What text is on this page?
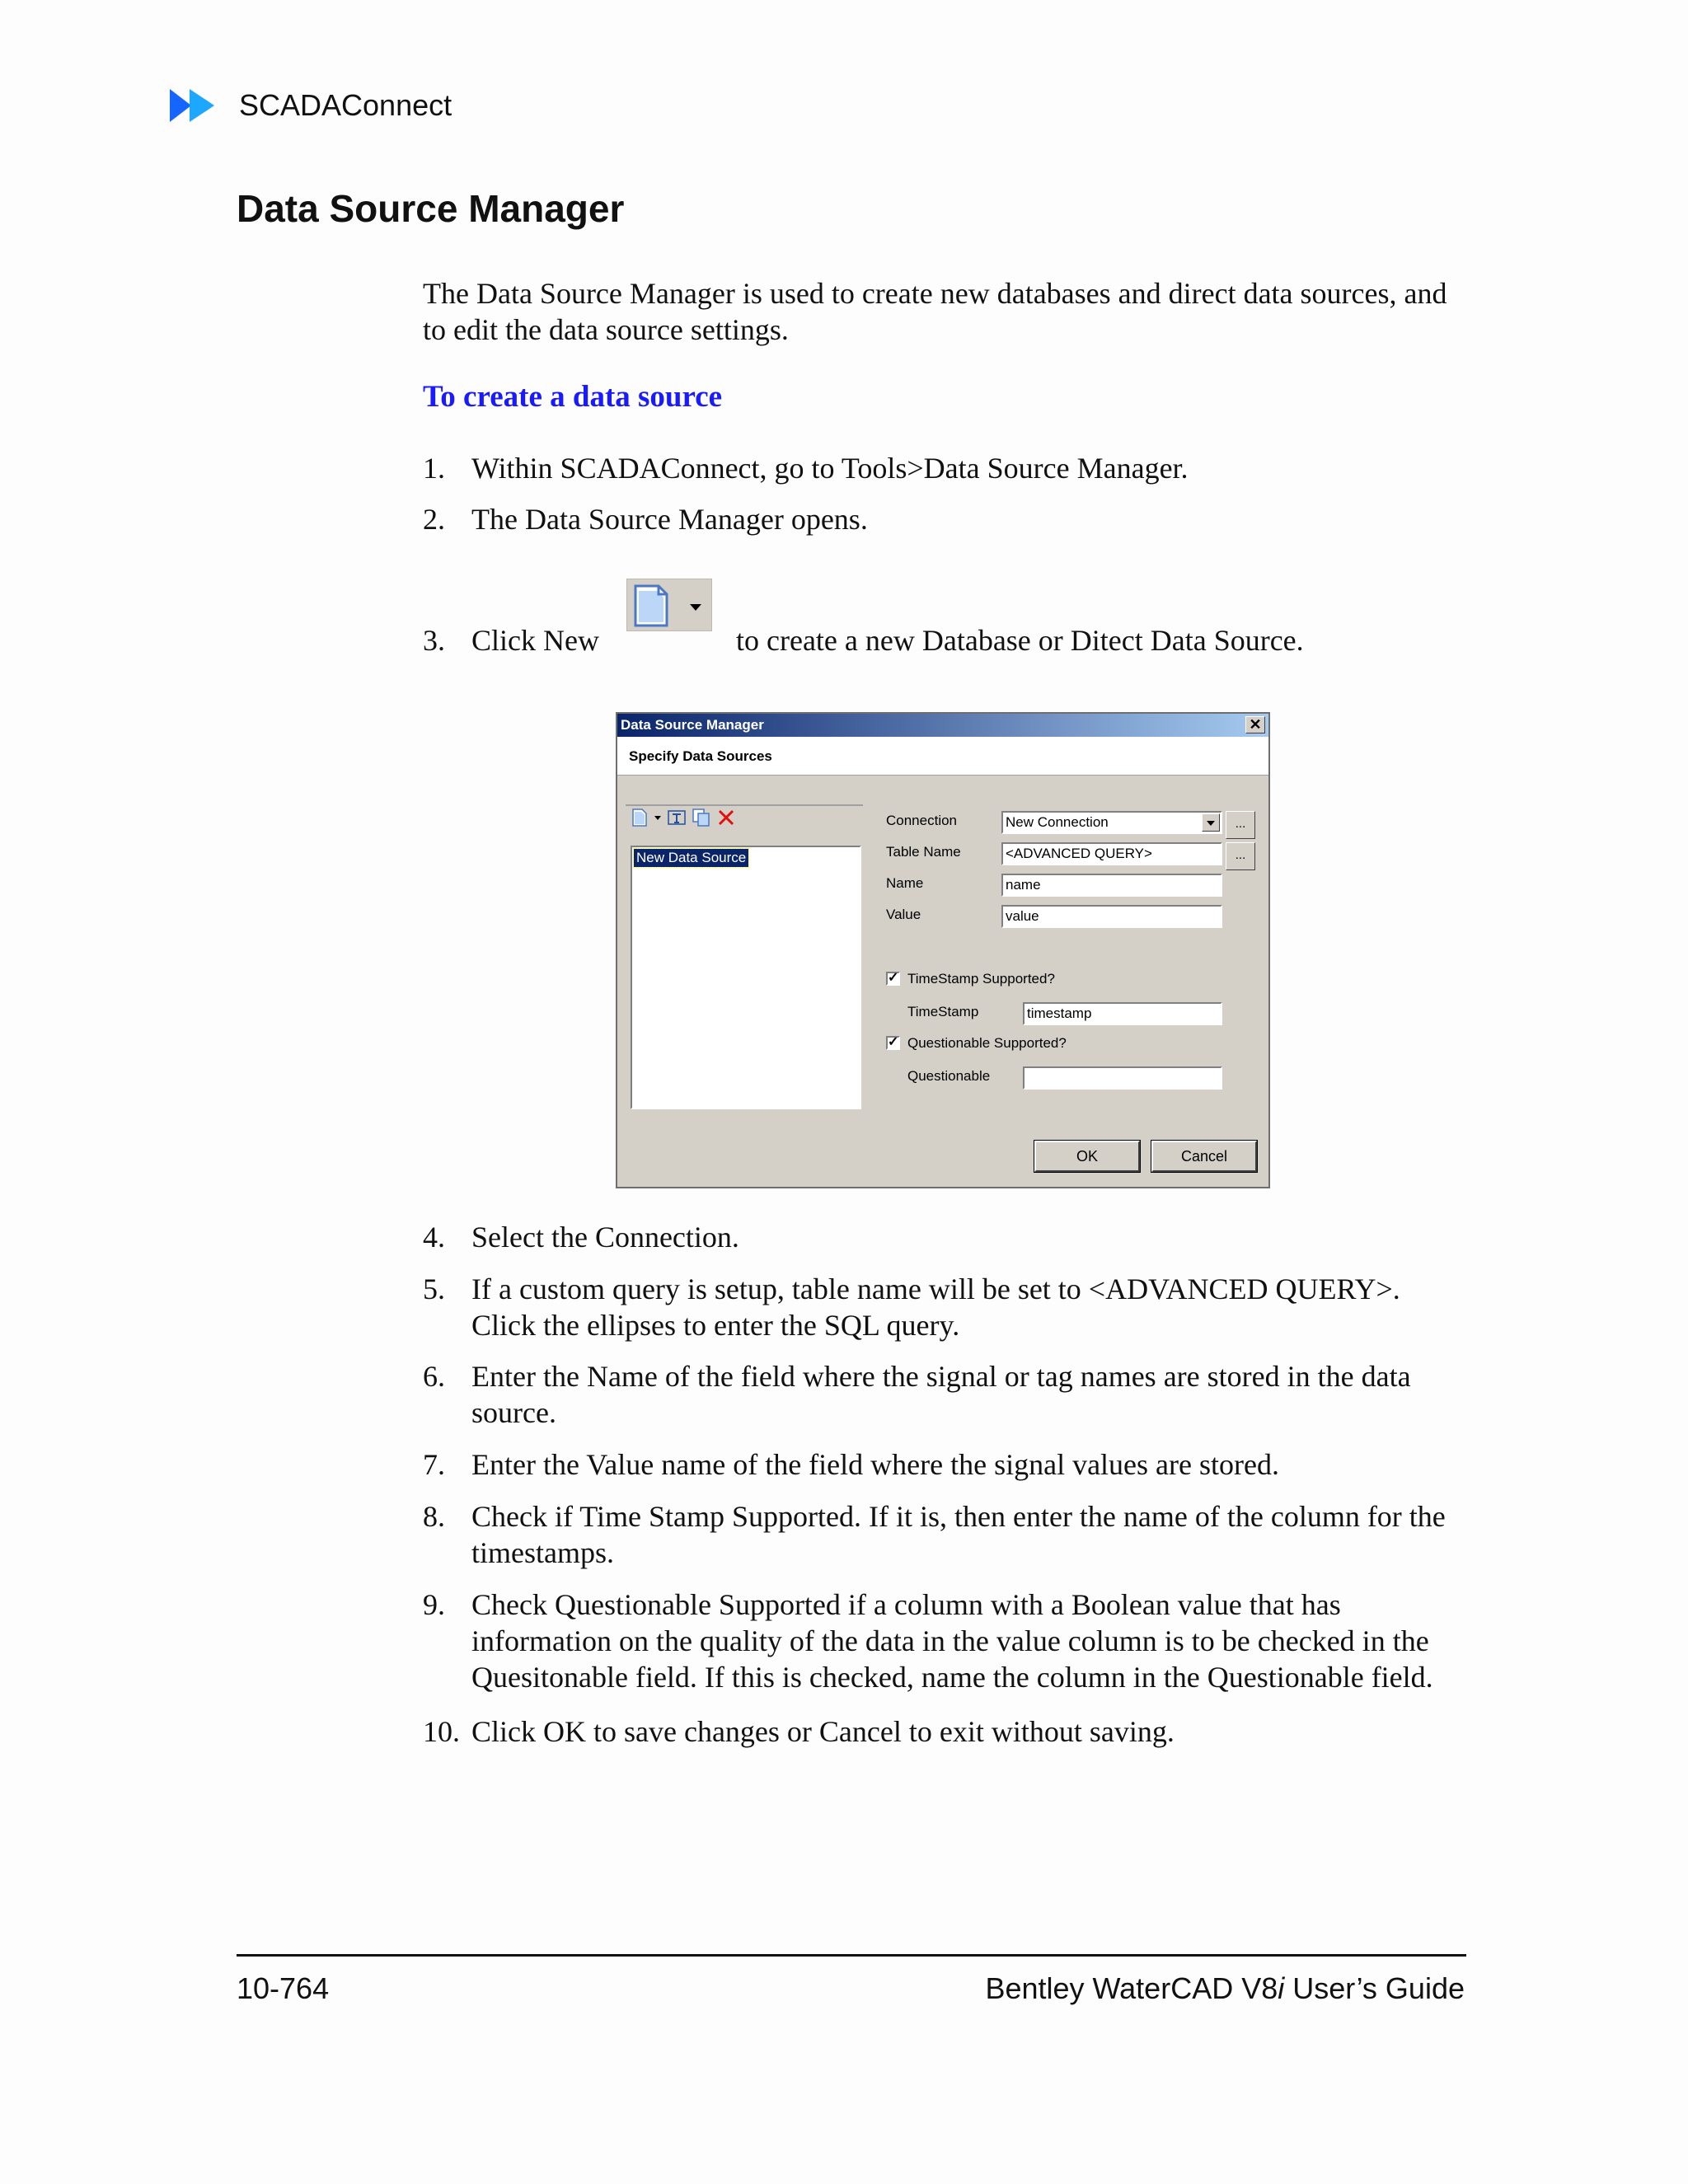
SCADAConnect
Data Source Manager
The Data Source Manager is used to create new databases and direct data sources, and to edit the data source settings.
To create a data source
1. Within SCADAConnect, go to Tools>Data Source Manager.
2. The Data Source Manager opens.
3. Click New	to create a new Database or Ditect Data Source.
Data Source Manager	✕
Specify Data Sources
New Data Source
Connection	New Connection	...
Table Name	<ADVANCED QUERY>	...
Name	name
Value	value
✓
TimeStamp Supported?
TimeStamp	timestamp
✓
Questionable Supported?
Questionable
OK	Cancel
4. Select the Connection.
5. If a custom query is setup, table name will be set to <ADVANCED QUERY>. Click the ellipses to enter the SQL query.
6. Enter the Name of the field where the signal or tag names are stored in the data source.
7. Enter the Value name of the field where the signal values are stored.
8. Check if Time Stamp Supported. If it is, then enter the name of the column for the timestamps.
9. Check Questionable Supported if a column with a Boolean value that has information on the quality of the data in the value column is to be checked in the Quesitonable field. If this is checked, name the column in the Questionable field.
10. Click OK to save changes or Cancel to exit without saving.
10-764	Bentley WaterCAD V8i User’s Guide
